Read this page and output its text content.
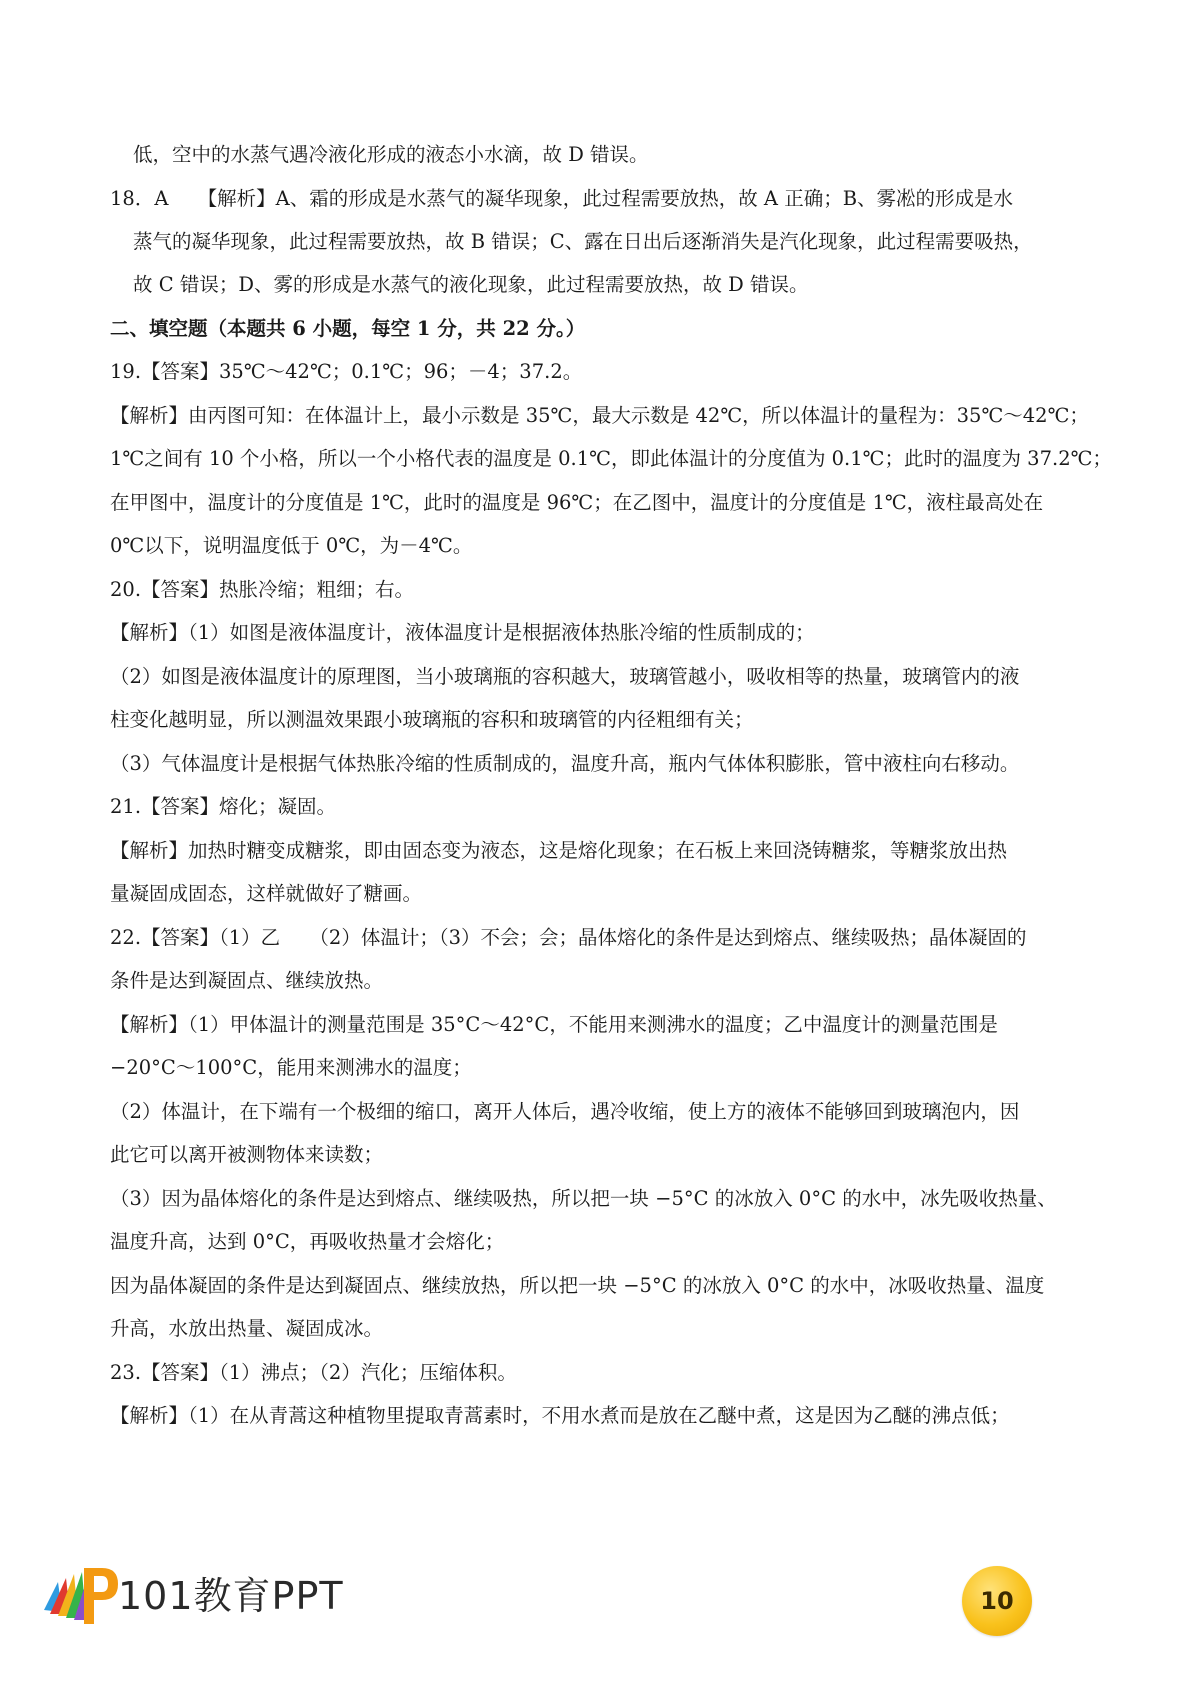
低，空中的水蒸气遇冷液化形成的液态小水滴，故 D 错误。
18．A　　【解析】A、霜的形成是水蒸气的凝华现象，此过程需要放热，故 A 正确；B、雾凇的形成是水
蒸气的凝华现象，此过程需要放热，故 B 错误；C、露在日出后逐渐消失是汽化现象，此过程需要吸热，
故 C 错误；D、雾的形成是水蒸气的液化现象，此过程需要放热，故 D 错误。
二、填空题（本题共 6 小题，每空 1 分，共 22 分。）
19.【答案】35℃～42℃；0.1℃；96；－4；37.2。
【解析】由丙图可知：在体温计上，最小示数是 35℃，最大示数是 42℃，所以体温计的量程为：35℃～42℃；
1℃之间有 10 个小格，所以一个小格代表的温度是 0.1℃，即此体温计的分度值为 0.1℃；此时的温度为 37.2℃；
在甲图中，温度计的分度值是 1℃，此时的温度是 96℃；在乙图中，温度计的分度值是 1℃，液柱最高处在
0℃以下，说明温度低于 0℃，为－4℃。
20.【答案】热胀冷缩；粗细；右。
【解析】（1）如图是液体温度计，液体温度计是根据液体热胀冷缩的性质制成的；
（2）如图是液体温度计的原理图，当小玻璃瓶的容积越大，玻璃管越小，吸收相等的热量，玻璃管内的液
柱变化越明显，所以测温效果跟小玻璃瓶的容积和玻璃管的内径粗细有关；
（3）气体温度计是根据气体热胀冷缩的性质制成的，温度升高，瓶内气体体积膨胀，管中液柱向右移动。
21.【答案】熔化；凝固。
【解析】加热时糖变成糖浆，即由固态变为液态，这是熔化现象；在石板上来回浇铸糖浆，等糖浆放出热
量凝固成固态，这样就做好了糖画。
22.【答案】（1）乙　　（2）体温计；（3）不会；会；晶体熔化的条件是达到熔点、继续吸热；晶体凝固的
条件是达到凝固点、继续放热。
【解析】（1）甲体温计的测量范围是 35°C～42°C，不能用来测沸水的温度；乙中温度计的测量范围是
−20°C～100°C，能用来测沸水的温度；
（2）体温计，在下端有一个极细的缩口，离开人体后，遇冷收缩，使上方的液体不能够回到玻璃泡内，因
此它可以离开被测物体来读数；
（3）因为晶体熔化的条件是达到熔点、继续吸热，所以把一块 −5°C 的冰放入 0°C 的水中，冰先吸收热量、
温度升高，达到 0°C，再吸收热量才会熔化；
因为晶体凝固的条件是达到凝固点、继续放热，所以把一块 −5°C 的冰放入 0°C 的水中，冰吸收热量、温度
升高，水放出热量、凝固成冰。
23.【答案】（1）沸点；（2）汽化；压缩体积。
【解析】（1）在从青蒿这种植物里提取青蒿素时，不用水煮而是放在乙醚中煮，这是因为乙醚的沸点低；
101教育PPT	10
